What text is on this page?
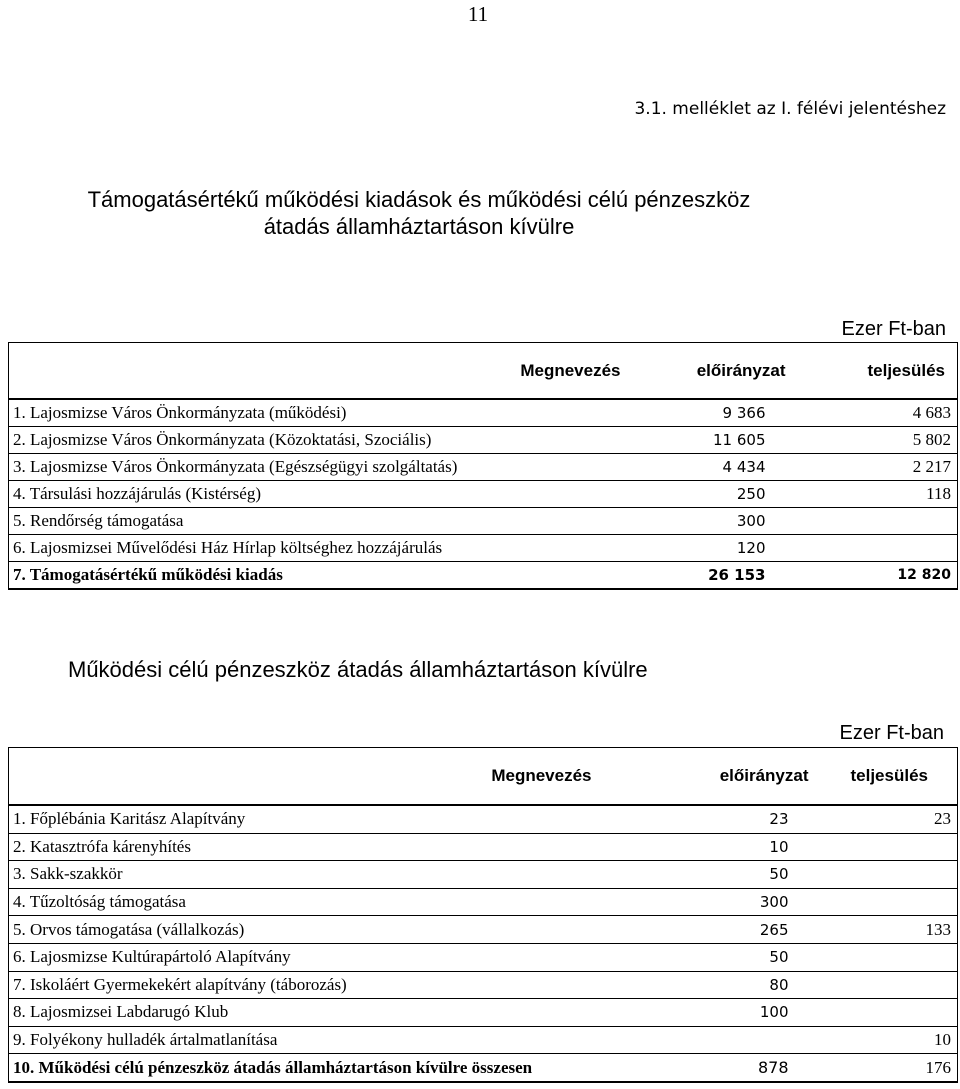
11
3.1. melléklet az I. félévi jelentéshez
Támogatásértékű működési kiadások és működési célú pénzeszköz
átadás államháztartáson kívülre
Ezer Ft-ban
Megnevezés	előirányzat	teljesülés
1. Lajosmizse Város Önkormányzata (működési)	9 366	4 683
2. Lajosmizse Város Önkormányzata (Közoktatási, Szociális)	11 605	5 802
3. Lajosmizse Város Önkormányzata (Egészségügyi szolgáltatás)	4 434	2 217
4. Társulási hozzájárulás (Kistérség)	250	118
5. Rendőrség támogatása	300	
6. Lajosmizsei Művelődési Ház Hírlap költséghez hozzájárulás	120	
7. Támogatásértékű működési kiadás	26 153	12 820
Működési célú pénzeszköz átadás államháztartáson kívülre
Ezer Ft-ban
Megnevezés	előirányzat	teljesülés
1. Főplébánia Karitász Alapítvány	23	23
2. Katasztrófa kárenyhítés	10	
3. Sakk-szakkör	50	
4. Tűzoltóság támogatása	300	
5. Orvos támogatása (vállalkozás)	265	133
6. Lajosmizse Kultúrapártoló Alapítvány	50	
7. Iskoláért Gyermekekért alapítvány (táborozás)	80	
8. Lajosmizsei Labdarugó Klub	100	
9. Folyékony hulladék ártalmatlanítása		10
10. Működési célú pénzeszköz átadás államháztartáson kívülre összesen	878	176
